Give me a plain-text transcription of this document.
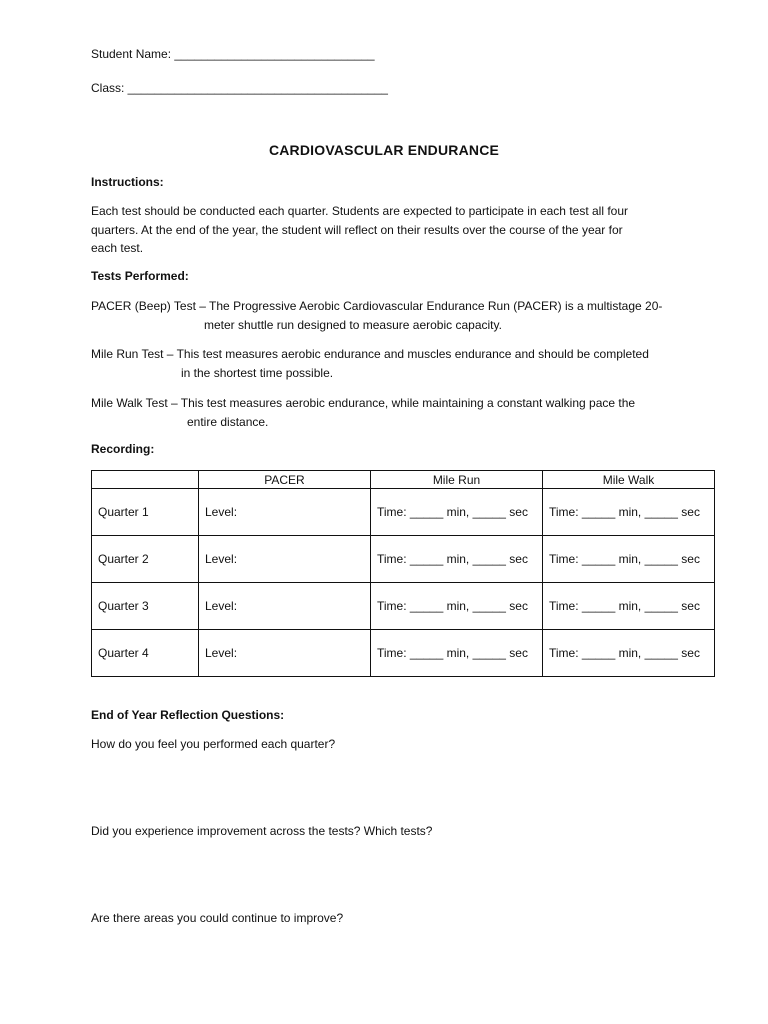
Student Name: ______________________________
Class: _______________________________________
CARDIOVASCULAR ENDURANCE
Instructions:
Each test should be conducted each quarter. Students are expected to participate in each test all four
quarters. At the end of the year, the student will reflect on their results over the course of the year for
each test.
Tests Performed:
PACER (Beep) Test – The Progressive Aerobic Cardiovascular Endurance Run (PACER) is a multistage 20-
meter shuttle run designed to measure aerobic capacity.
Mile Run Test – This test measures aerobic endurance and muscles endurance and should be completed
in the shortest time possible.
Mile Walk Test – This test measures aerobic endurance, while maintaining a constant walking pace the
entire distance.
Recording:
	PACER	Mile Run	Mile Walk
Quarter 1	Level:	Time: _____ min, _____ sec	Time: _____ min, _____ sec
Quarter 2	Level:	Time: _____ min, _____ sec	Time: _____ min, _____ sec
Quarter 3	Level:	Time: _____ min, _____ sec	Time: _____ min, _____ sec
Quarter 4	Level:	Time: _____ min, _____ sec	Time: _____ min, _____ sec
End of Year Reflection Questions:
How do you feel you performed each quarter?
Did you experience improvement across the tests? Which tests?
Are there areas you could continue to improve?
